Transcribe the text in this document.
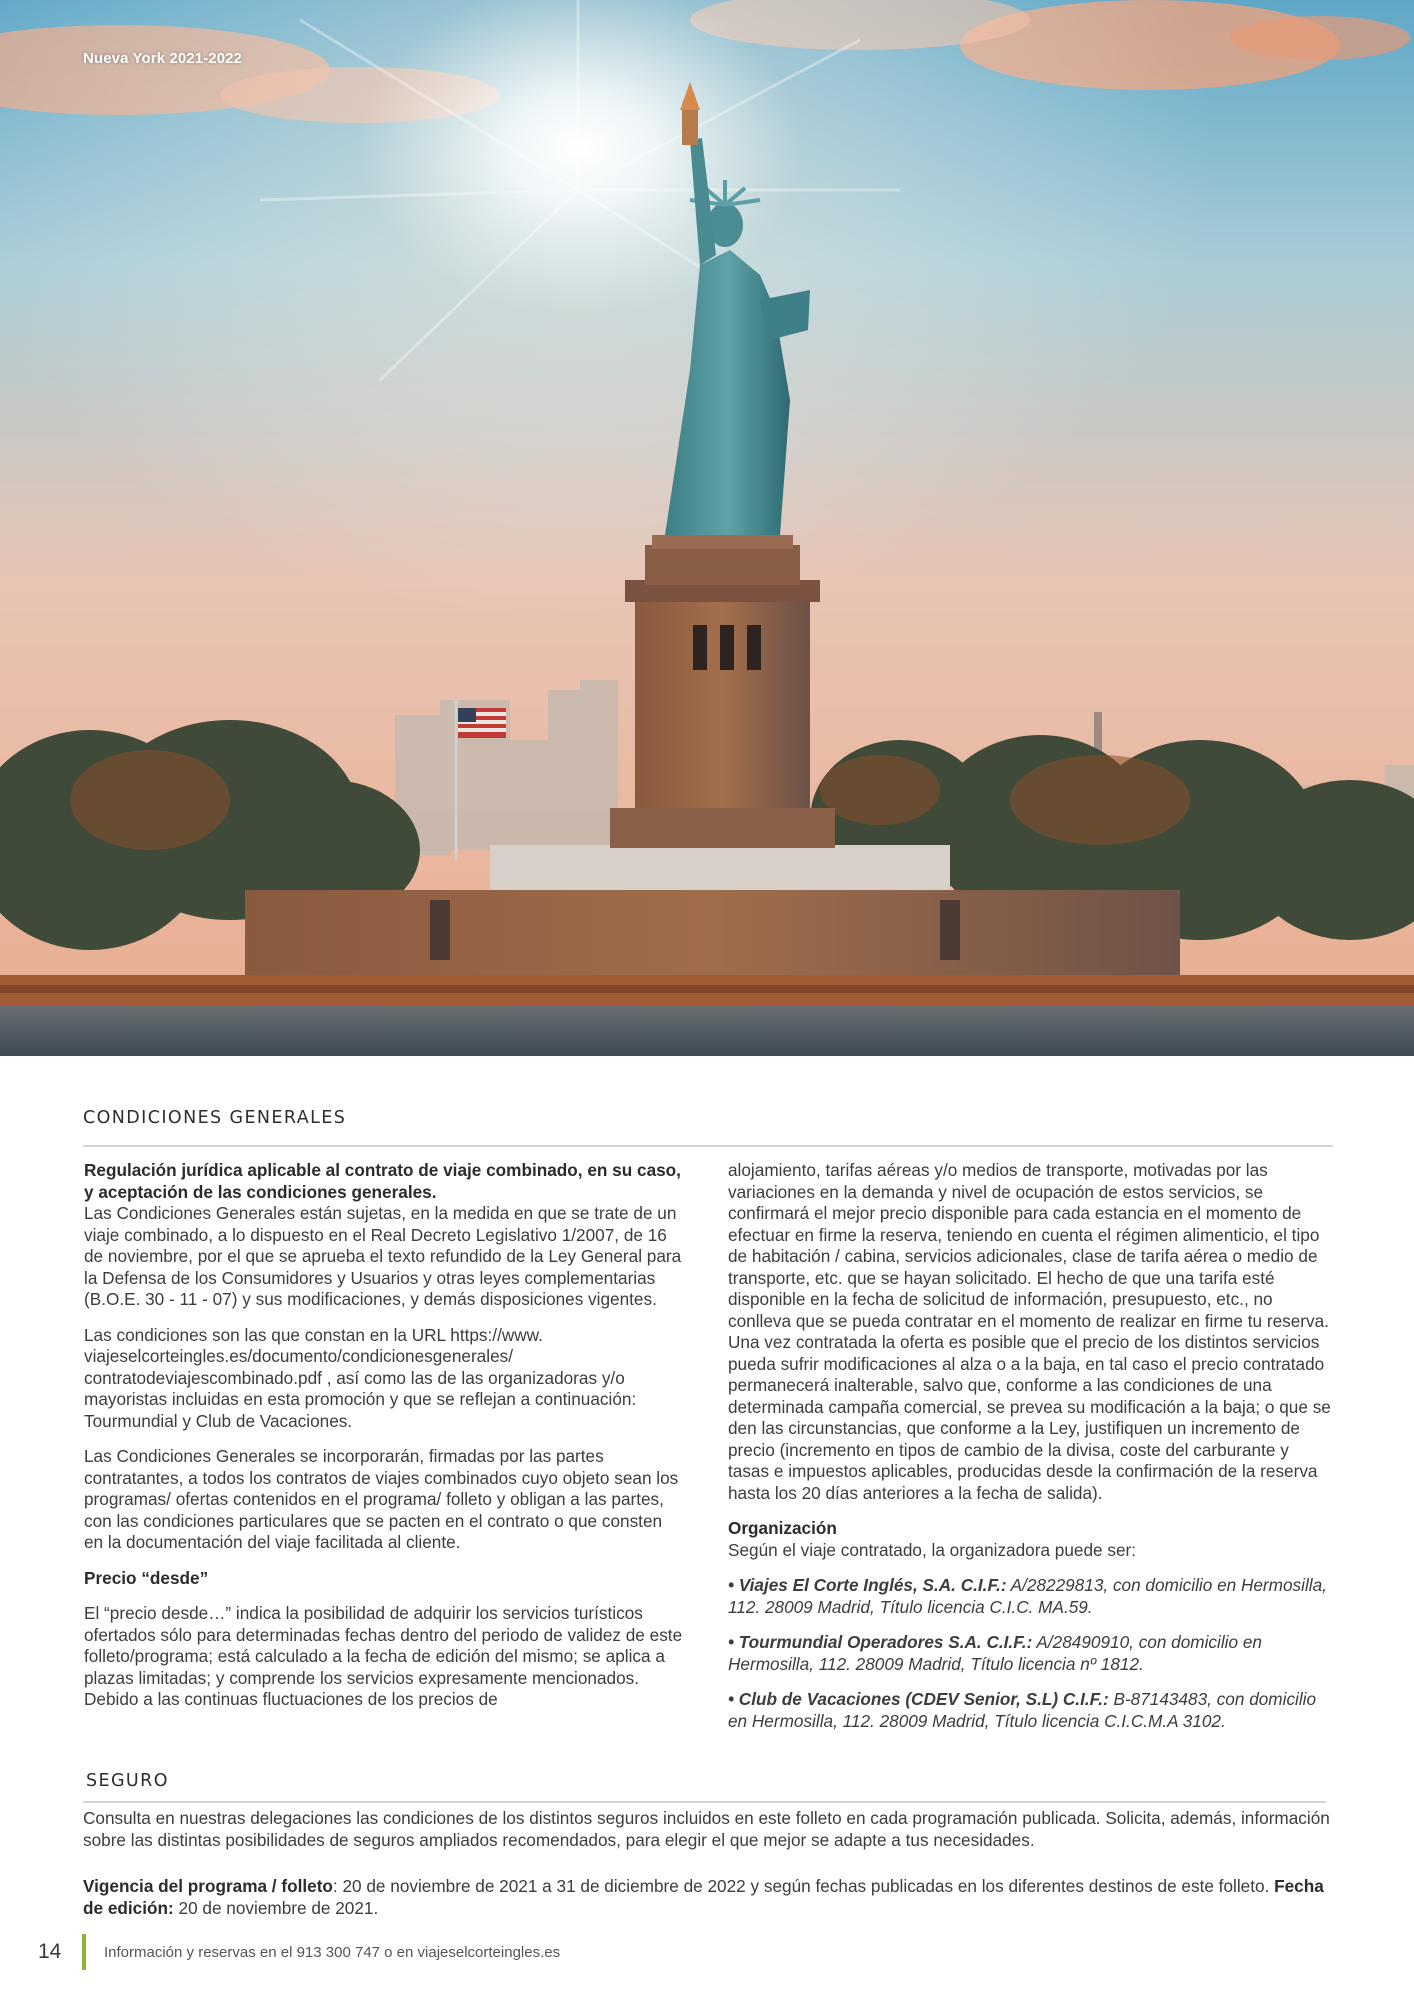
Nueva York 2021-2022
CONDICIONES GENERALES

Regulación jurídica aplicable al contrato de viaje combinado, en su caso, y aceptación de las condiciones generales.

Las Condiciones Generales están sujetas, en la medida en que se trate de un viaje combinado, a lo dispuesto en el Real Decreto Legislativo 1/2007, de 16 de noviembre, por el que se aprueba el texto refundido de la Ley General para la Defensa de los Consumidores y Usuarios y otras leyes complementarias (B.O.E. 30 - 11 - 07) y sus modificaciones, y demás disposiciones vigentes.

Las condiciones son las que constan en la URL https://www. viajeselcorteingles.es/documento/condicionesgenerales/ contratodeviajescombinado.pdf , así como las de las organizadoras y/o mayoristas incluidas en esta promoción y que se reflejan a continuación: Tourmundial y Club de Vacaciones.

Las Condiciones Generales se incorporarán, firmadas por las partes contratantes, a todos los contratos de viajes combinados cuyo objeto sean los programas/ ofertas contenidos en el programa/ folleto y obligan a las partes, con las condiciones particulares que se pacten en el contrato o que consten en la documentación del viaje facilitada al cliente.

Precio “desde”

El “precio desde…” indica la posibilidad de adquirir los servicios turísticos ofertados sólo para determinadas fechas dentro del periodo de validez de este folleto/programa; está calculado a la fecha de edición del mismo; se aplica a plazas limitadas; y comprende los servicios expresamente mencionados. Debido a las continuas fluctuaciones de los precios de

alojamiento, tarifas aéreas y/o medios de transporte, motivadas por las variaciones en la demanda y nivel de ocupación de estos servicios, se confirmará el mejor precio disponible para cada estancia en el momento de efectuar en firme la reserva, teniendo en cuenta el régimen alimenticio, el tipo de habitación / cabina, servicios adicionales, clase de tarifa aérea o medio de transporte, etc. que se hayan solicitado. El hecho de que una tarifa esté disponible en la fecha de solicitud de información, presupuesto, etc., no conlleva que se pueda contratar en el momento de realizar en firme tu reserva. Una vez contratada la oferta es posible que el precio de los distintos servicios pueda sufrir modificaciones al alza o a la baja, en tal caso el precio contratado permanecerá inalterable, salvo que, conforme a las condiciones de una determinada campaña comercial, se prevea su modificación a la baja; o que se den las circunstancias, que conforme a la Ley, justifiquen un incremento de precio (incremento en tipos de cambio de la divisa, coste del carburante y tasas e impuestos aplicables, producidas desde la confirmación de la reserva hasta los 20 días anteriores a la fecha de salida).

Organización

Según el viaje contratado, la organizadora puede ser:

• Viajes El Corte Inglés, S.A. C.I.F.: A/28229813, con domicilio en Hermosilla, 112. 28009 Madrid, Título licencia C.I.C. MA.59.

• Tourmundial Operadores S.A. C.I.F.: A/28490910, con domicilio en Hermosilla, 112. 28009 Madrid, Título licencia nº 1812.

• Club de Vacaciones (CDEV Senior, S.L) C.I.F.: B-87143483, con domicilio en Hermosilla, 112. 28009 Madrid, Título licencia C.I.C.M.A 3102.

SEGURO
Consulta en nuestras delegaciones las condiciones de los distintos seguros incluidos en este folleto en cada programación publicada. Solicita, además, información sobre las distintas posibilidades de seguros ampliados recomendados, para elegir el que mejor se adapte a tus necesidades.
Vigencia del programa / folleto: 20 de noviembre de 2021 a 31 de diciembre de 2022 y según fechas publicadas en los diferentes destinos de este folleto. Fecha de edición: 20 de noviembre de 2021.
14	Información y reservas en el 913 300 747 o en viajeselcorteingles.es
